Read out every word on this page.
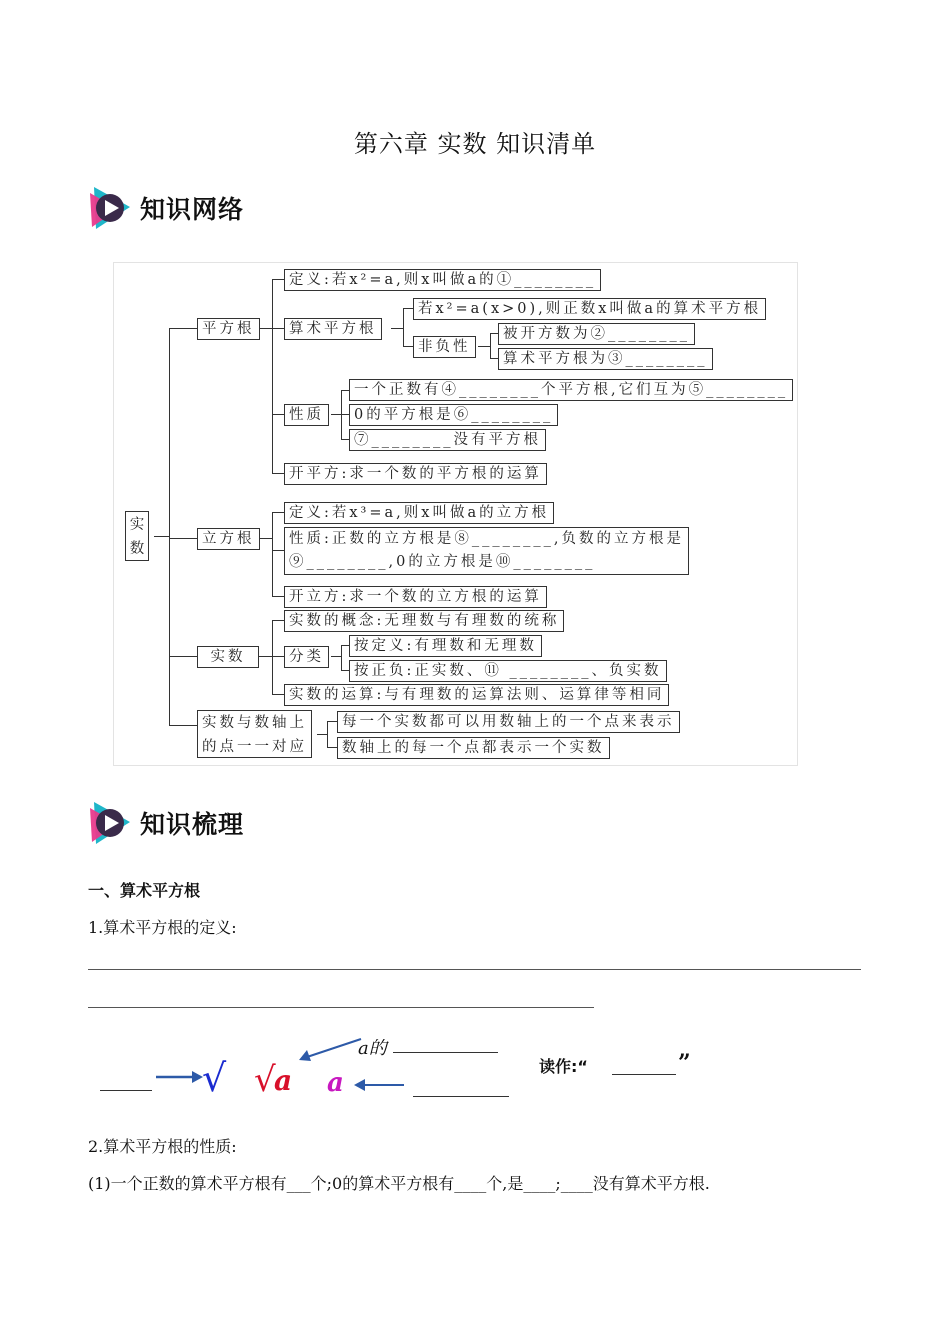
第六章 实数 知识清单
知识网络
实数
平方根
定义:若x²=a,则x叫做a的①________
算术平方根
若x²=a(x>0),则正数x叫做a的算术平方根
非负性
被开方数为②________
算术平方根为③________
性质
一个正数有④________个平方根,它们互为⑤________
0的平方根是⑥________
⑦________没有平方根
开平方:求一个数的平方根的运算
立方根
定义:若x³=a,则x叫做a的立方根
性质:正数的立方根是⑧________,负数的立方根是
⑨________,0的立方根是⑩________
开立方:求一个数的立方根的运算
实数
实数的概念:无理数与有理数的统称
分类
按定义:有理数和无理数
按正负:正实数、⑪ ________、负实数
实数的运算:与有理数的运算法则、运算律等相同
实数与数轴上
的点一一对应
每一个实数都可以用数轴上的一个点来表示
数轴上的每一个点都表示一个实数
知识梳理
一、算术平方根
1.算术平方根的定义:
√ √
a
a的
a
读作:“	”
2.算术平方根的性质:
(1)一个正数的算术平方根有___个;0的算术平方根有____个,是____;____没有算术平方根.
